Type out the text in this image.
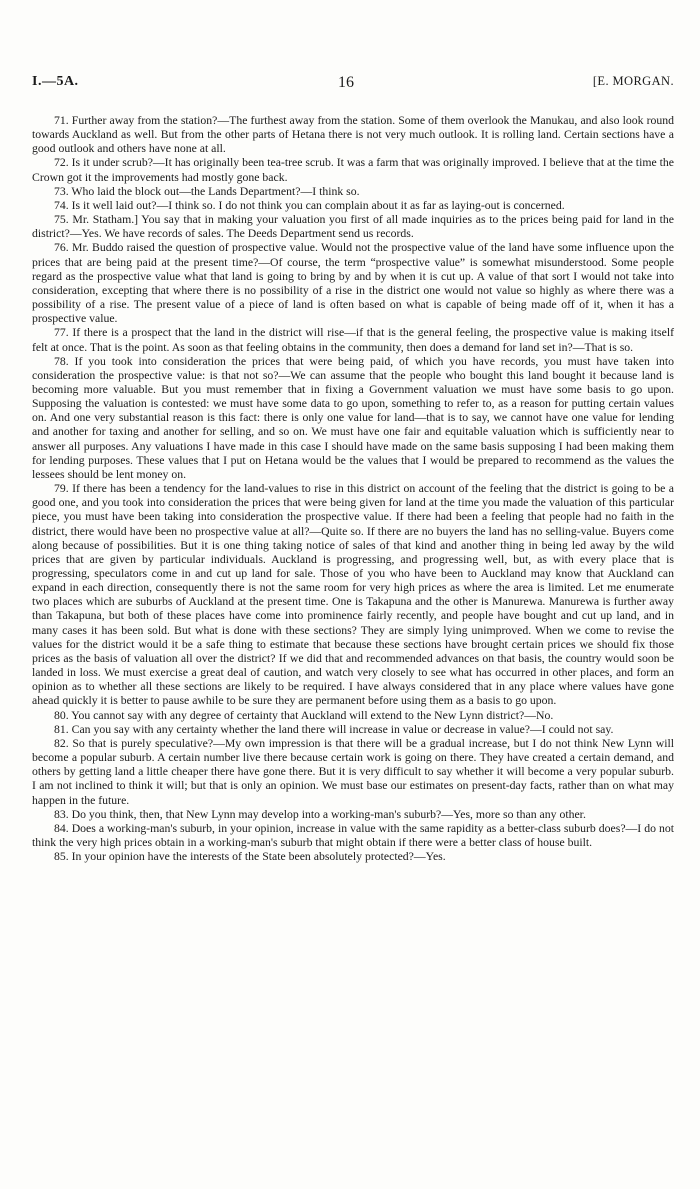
I.—5A.	16	[E. MORGAN.

71. Further away from the station?—The furthest away from the station. Some of them overlook the Manukau, and also look round towards Auckland as well. But from the other parts of Hetana there is not very much outlook. It is rolling land. Certain sections have a good outlook and others have none at all.

72. Is it under scrub?—It has originally been tea-tree scrub. It was a farm that was originally improved. I believe that at the time the Crown got it the improvements had mostly gone back.

73. Who laid the block out—the Lands Department?—I think so.

74. Is it well laid out?—I think so. I do not think you can complain about it as far as laying-out is concerned.

75. Mr. Statham.] You say that in making your valuation you first of all made inquiries as to the prices being paid for land in the district?—Yes. We have records of sales. The Deeds Department send us records.

76. Mr. Buddo raised the question of prospective value. Would not the prospective value of the land have some influence upon the prices that are being paid at the present time?—Of course, the term “prospective value” is somewhat misunderstood. Some people regard as the prospective value what that land is going to bring by and by when it is cut up. A value of that sort I would not take into consideration, excepting that where there is no possibility of a rise in the district one would not value so highly as where there was a possibility of a rise. The present value of a piece of land is often based on what is capable of being made off of it, when it has a prospective value.

77. If there is a prospect that the land in the district will rise—if that is the general feeling, the prospective value is making itself felt at once. That is the point. As soon as that feeling obtains in the community, then does a demand for land set in?—That is so.

78. If you took into consideration the prices that were being paid, of which you have records, you must have taken into consideration the prospective value: is that not so?—We can assume that the people who bought this land bought it because land is becoming more valuable. But you must remember that in fixing a Government valuation we must have some basis to go upon. Supposing the valuation is contested: we must have some data to go upon, something to refer to, as a reason for putting certain values on. And one very substantial reason is this fact: there is only one value for land—that is to say, we cannot have one value for lending and another for taxing and another for selling, and so on. We must have one fair and equitable valuation which is sufficiently near to answer all purposes. Any valuations I have made in this case I should have made on the same basis supposing I had been making them for lending purposes. These values that I put on Hetana would be the values that I would be prepared to recommend as the values the lessees should be lent money on.

79. If there has been a tendency for the land-values to rise in this district on account of the feeling that the district is going to be a good one, and you took into consideration the prices that were being given for land at the time you made the valuation of this particular piece, you must have been taking into consideration the prospective value. If there had been a feeling that people had no faith in the district, there would have been no prospective value at all?—Quite so. If there are no buyers the land has no selling-value. Buyers come along because of possibilities. But it is one thing taking notice of sales of that kind and another thing in being led away by the wild prices that are given by particular individuals. Auckland is progressing, and progressing well, but, as with every place that is progressing, speculators come in and cut up land for sale. Those of you who have been to Auckland may know that Auckland can expand in each direction, consequently there is not the same room for very high prices as where the area is limited. Let me enumerate two places which are suburbs of Auckland at the present time. One is Takapuna and the other is Manurewa. Manurewa is further away than Takapuna, but both of these places have come into prominence fairly recently, and people have bought and cut up land, and in many cases it has been sold. But what is done with these sections? They are simply lying unimproved. When we come to revise the values for the district would it be a safe thing to estimate that because these sections have brought certain prices we should fix those prices as the basis of valuation all over the district? If we did that and recommended advances on that basis, the country would soon be landed in loss. We must exercise a great deal of caution, and watch very closely to see what has occurred in other places, and form an opinion as to whether all these sections are likely to be required. I have always considered that in any place where values have gone ahead quickly it is better to pause awhile to be sure they are permanent before using them as a basis to go upon.

80. You cannot say with any degree of certainty that Auckland will extend to the New Lynn district?—No.

81. Can you say with any certainty whether the land there will increase in value or decrease in value?—I could not say.

82. So that is purely speculative?—My own impression is that there will be a gradual increase, but I do not think New Lynn will become a popular suburb. A certain number live there because certain work is going on there. They have created a certain demand, and others by getting land a little cheaper there have gone there. But it is very difficult to say whether it will become a very popular suburb. I am not inclined to think it will; but that is only an opinion. We must base our estimates on present-day facts, rather than on what may happen in the future.

83. Do you think, then, that New Lynn may develop into a working-man's suburb?—Yes, more so than any other.

84. Does a working-man's suburb, in your opinion, increase in value with the same rapidity as a better-class suburb does?—I do not think the very high prices obtain in a working-man's suburb that might obtain if there were a better class of house built.

85. In your opinion have the interests of the State been absolutely protected?—Yes.
